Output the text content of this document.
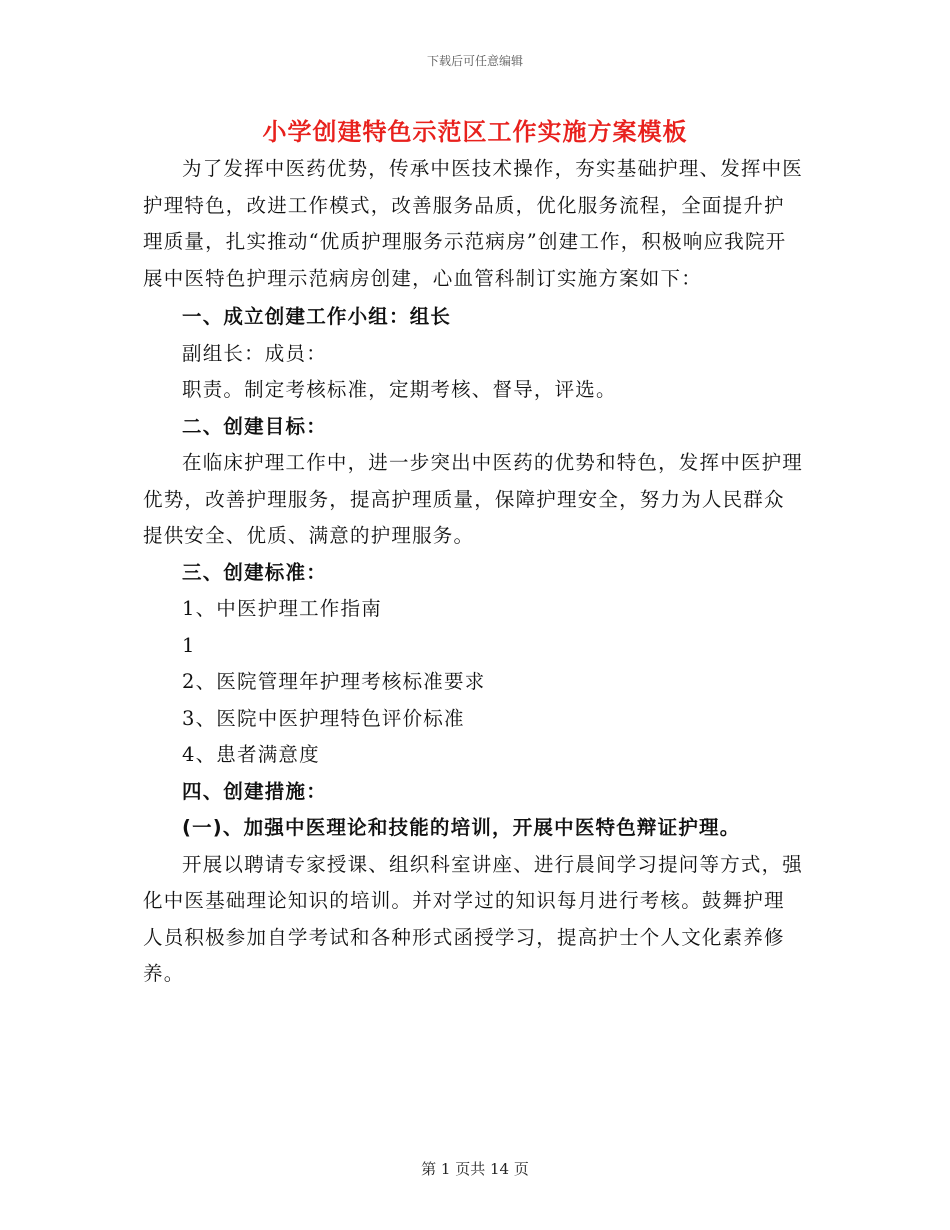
下载后可任意编辑
小学创建特色示范区工作实施方案模板

为了发挥中医药优势，传承中医技术操作，夯实基础护理、发挥中医护理特色，改进工作模式，改善服务品质，优化服务流程，全面提升护理质量，扎实推动“优质护理服务示范病房”创建工作，积极响应我院开展中医特色护理示范病房创建，心血管科制订实施方案如下：

一、成立创建工作小组：组长

副组长：成员：

职责。制定考核标准，定期考核、督导，评选。

二、创建目标：

在临床护理工作中，进一步突出中医药的优势和特色，发挥中医护理优势，改善护理服务，提高护理质量，保障护理安全，努力为人民群众提供安全、优质、满意的护理服务。

三、创建标准：

1、中医护理工作指南

1

2、医院管理年护理考核标准要求

3、医院中医护理特色评价标准

4、患者满意度

四、创建措施：

(一)、加强中医理论和技能的培训，开展中医特色辩证护理。

开展以聘请专家授课、组织科室讲座、进行晨间学习提问等方式，强化中医基础理论知识的培训。并对学过的知识每月进行考核。鼓舞护理人员积极参加自学考试和各种形式函授学习，提高护士个人文化素养修养。

第 1 页共 14 页
